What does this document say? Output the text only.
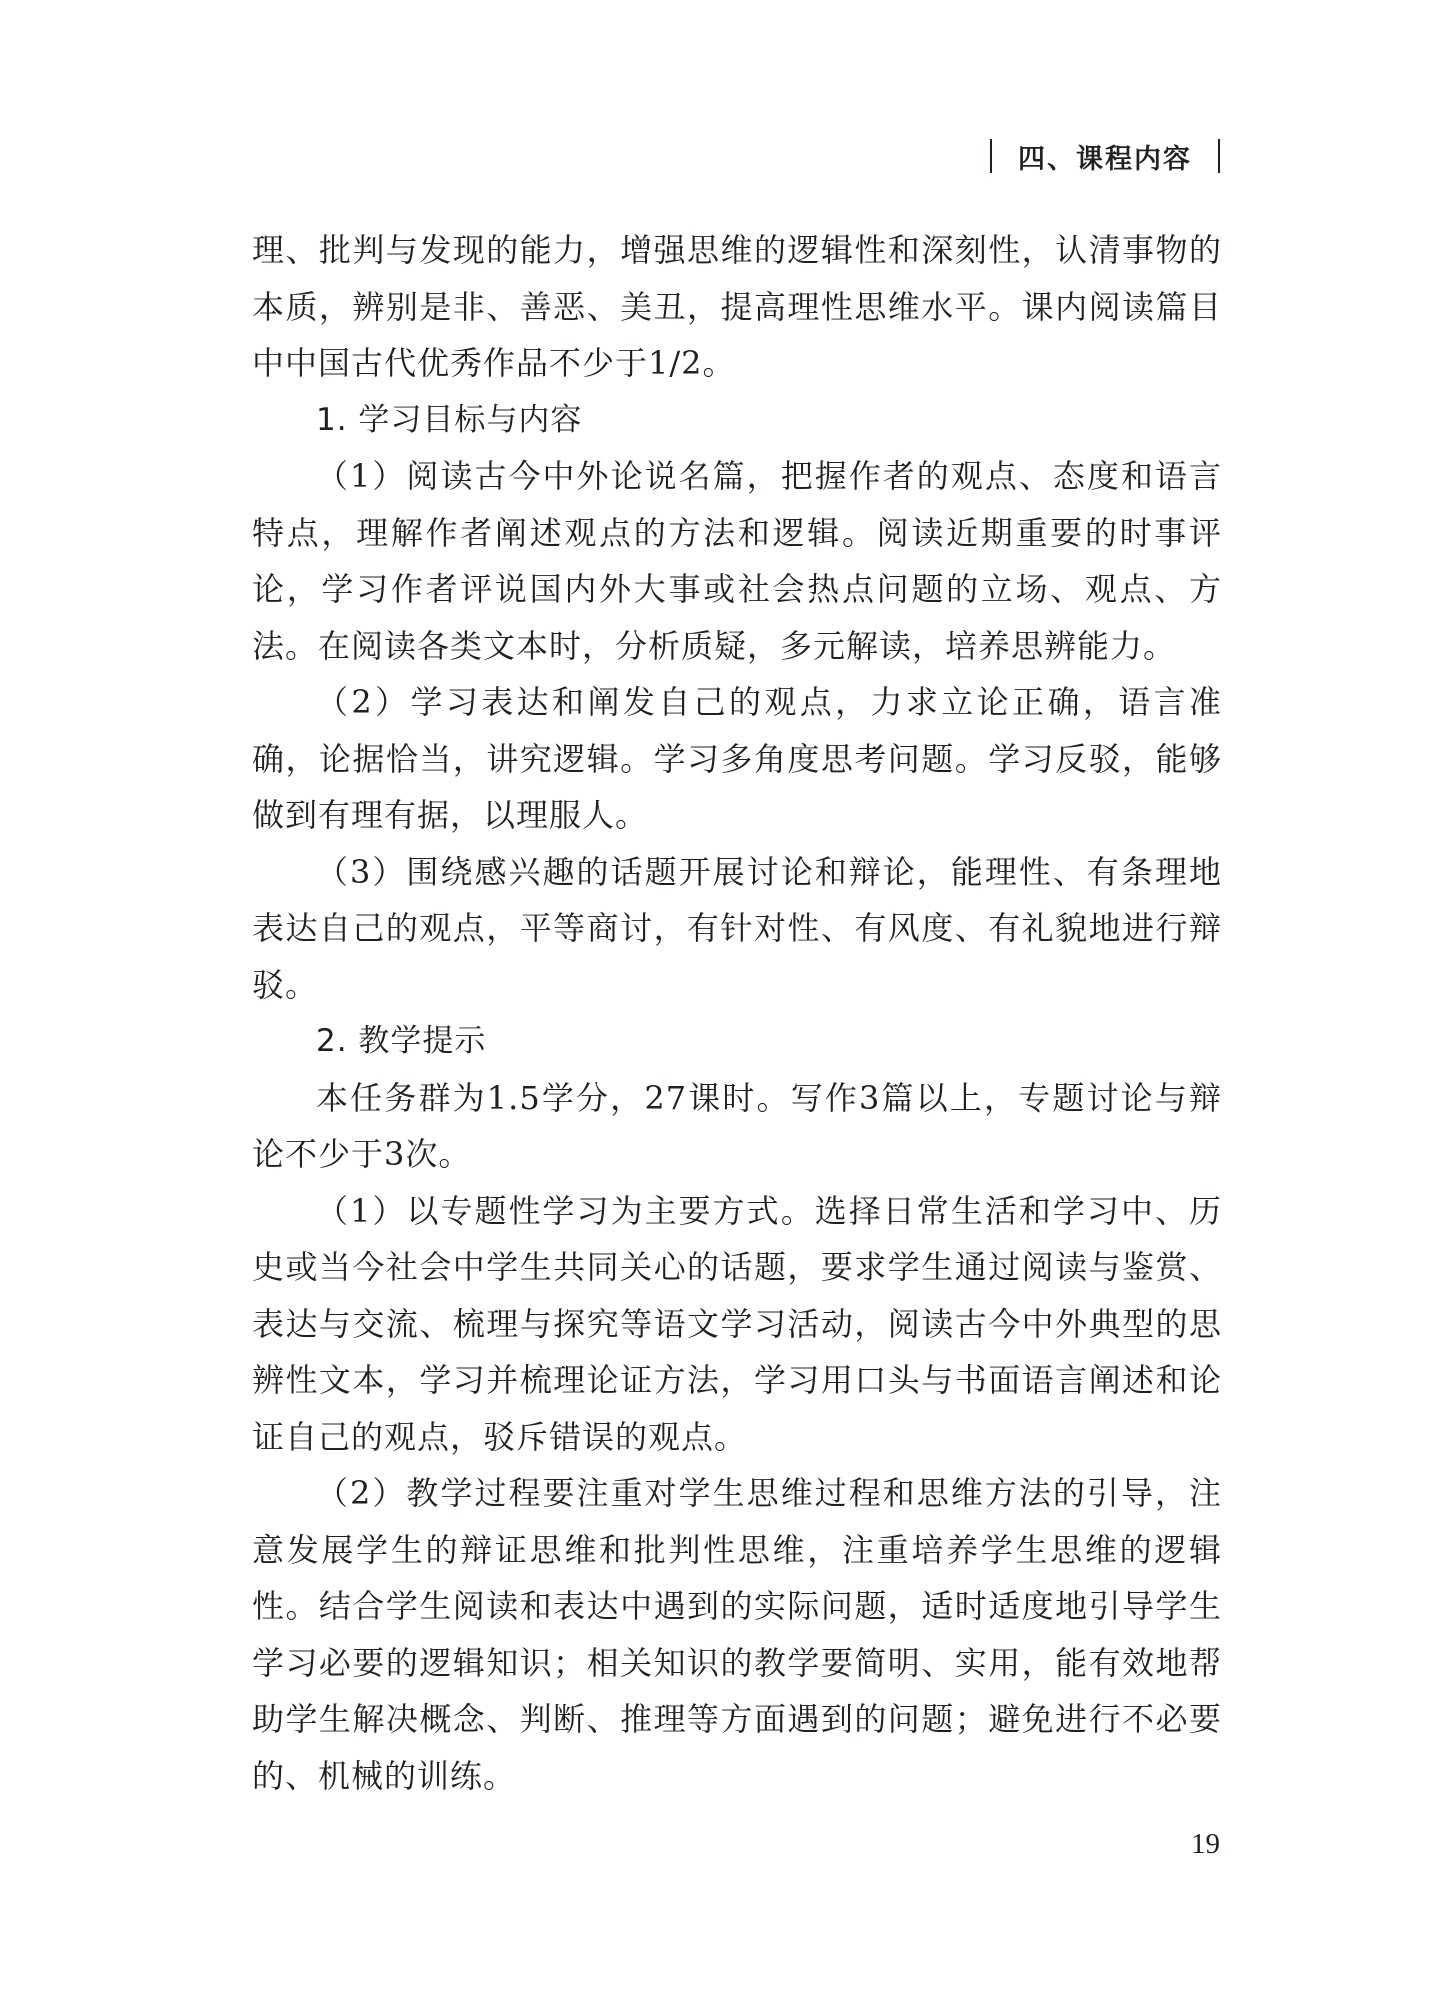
四、课程内容

理、批判与发现的能力，增强思维的逻辑性和深刻性，认清事物的本质，辨别是非、善恶、美丑，提高理性思维水平。课内阅读篇目中中国古代优秀作品不少于1/2。

1. 学习目标与内容

（1）阅读古今中外论说名篇，把握作者的观点、态度和语言特点，理解作者阐述观点的方法和逻辑。阅读近期重要的时事评论，学习作者评说国内外大事或社会热点问题的立场、观点、方法。在阅读各类文本时，分析质疑，多元解读，培养思辨能力。

（2）学习表达和阐发自己的观点，力求立论正确，语言准确，论据恰当，讲究逻辑。学习多角度思考问题。学习反驳，能够做到有理有据，以理服人。

（3）围绕感兴趣的话题开展讨论和辩论，能理性、有条理地表达自己的观点，平等商讨，有针对性、有风度、有礼貌地进行辩驳。

2. 教学提示

本任务群为1.5学分，27课时。写作3篇以上，专题讨论与辩论不少于3次。

（1）以专题性学习为主要方式。选择日常生活和学习中、历史或当今社会中学生共同关心的话题，要求学生通过阅读与鉴赏、表达与交流、梳理与探究等语文学习活动，阅读古今中外典型的思辨性文本，学习并梳理论证方法，学习用口头与书面语言阐述和论证自己的观点，驳斥错误的观点。

（2）教学过程要注重对学生思维过程和思维方法的引导，注意发展学生的辩证思维和批判性思维，注重培养学生思维的逻辑性。结合学生阅读和表达中遇到的实际问题，适时适度地引导学生学习必要的逻辑知识；相关知识的教学要简明、实用，能有效地帮助学生解决概念、判断、推理等方面遇到的问题；避免进行不必要的、机械的训练。

19
